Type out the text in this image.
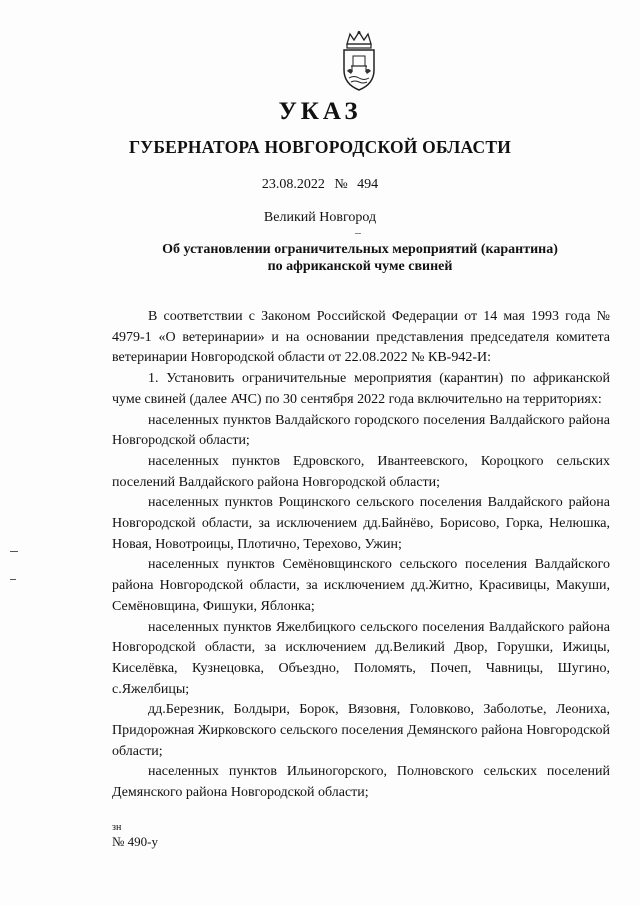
УКАЗ
ГУБЕРНАТОРА НОВГОРОДСКОЙ ОБЛАСТИ
23.08.2022 № 494
Великий Новгород
Об установлении ограничительных мероприятий (карантина)
по африканской чуме свиней

В соответствии с Законом Российской Федерации от 14 мая 1993 года № 4979-1 «О ветеринарии» и на основании представления председателя комитета ветеринарии Новгородской области от 22.08.2022 № КВ-942-И:

1. Установить ограничительные мероприятия (карантин) по африканской чуме свиней (далее АЧС) по 30 сентября 2022 года включительно на территориях:

населенных пунктов Валдайского городского поселения Валдайского района Новгородской области;

населенных пунктов Едровского, Ивантеевского, Короцкого сельских поселений Валдайского района Новгородской области;

населенных пунктов Рощинского сельского поселения Валдайского района Новгородской области, за исключением дд.Байнёво, Борисово, Горка, Нелюшка, Новая, Новотроицы, Плотично, Терехово, Ужин;

населенных пунктов Семёновщинского сельского поселения Валдайского района Новгородской области, за исключением дд.Житно, Красивицы, Макуши, Семёновщина, Фишуки, Яблонка;

населенных пунктов Яжелбицкого сельского поселения Валдайского района Новгородской области, за исключением дд.Великий Двор, Горушки, Ижицы, Киселёвка, Кузнецовка, Объездно, Поломять, Почеп, Чавницы, Шугино, с.Яжелбицы;

дд.Березник, Болдыри, Борок, Вязовня, Головково, Заболотье, Леониха, Придорожная Жирковского сельского поселения Демянского района Новгородской области;

населенных пунктов Ильиногорского, Полновского сельских поселений Демянского района Новгородской области;

зн
№ 490-у
